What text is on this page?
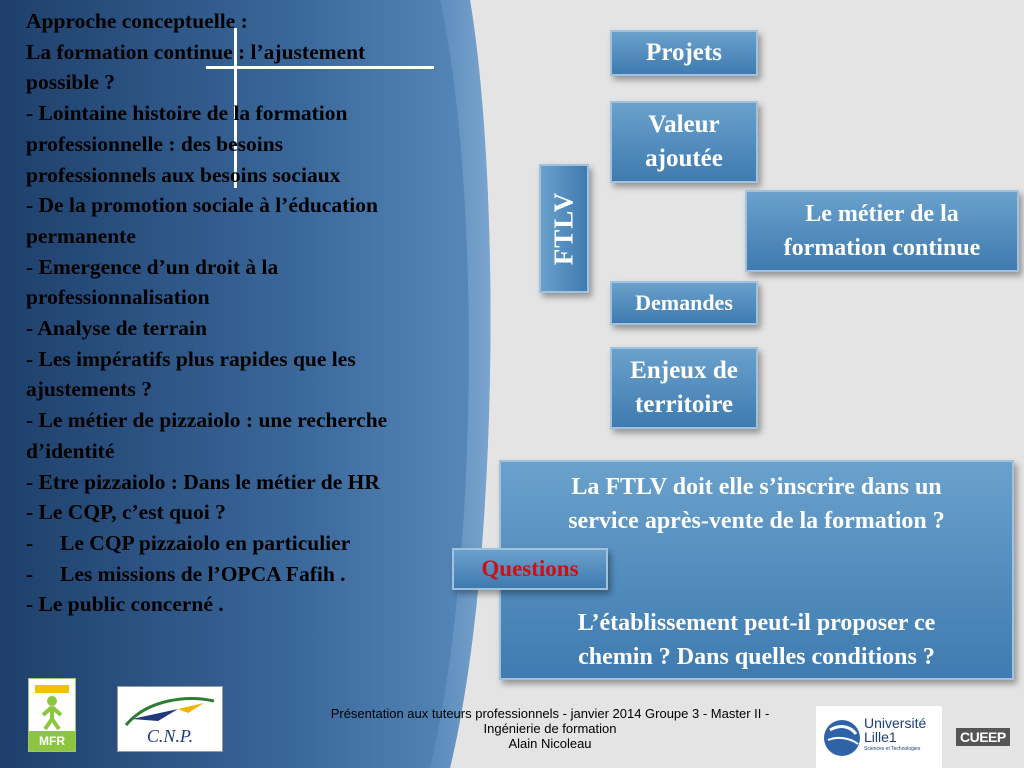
Approche conceptuelle :
La formation continue : l’ajustement
possible ?
- Lointaine histoire de la formation
professionnelle : des besoins
professionnels aux besoins sociaux
- De la promotion sociale à l’éducation
permanente
- Emergence d’un droit à la
professionnalisation
- Analyse de terrain
- Les impératifs plus rapides que les
ajustements ?
- Le métier de pizzaiolo : une recherche
d’identité
- Etre pizzaiolo : Dans le métier de HR
- Le CQP, c’est quoi ?
-     Le CQP pizzaiolo en particulier
-     Les missions de l’OPCA Fafih .
- Le public concerné .
Projets
Valeur
ajoutée
FTLV	Le métier de la
formation continue
Demandes
Enjeux de
territoire
La FTLV doit elle s’inscrire dans un
service après-vente de la formation ?
L’établissement peut-il proposer ce
chemin ? Dans quelles conditions ?
Questions
Présentation aux tuteurs professionnels - janvier 2014 Groupe 3 - Master II -
Ingénierie de formation
Alain Nicoleau
MFR	C.N.P.
Université
Lille1
Sciences et Technologies
CUEEP
